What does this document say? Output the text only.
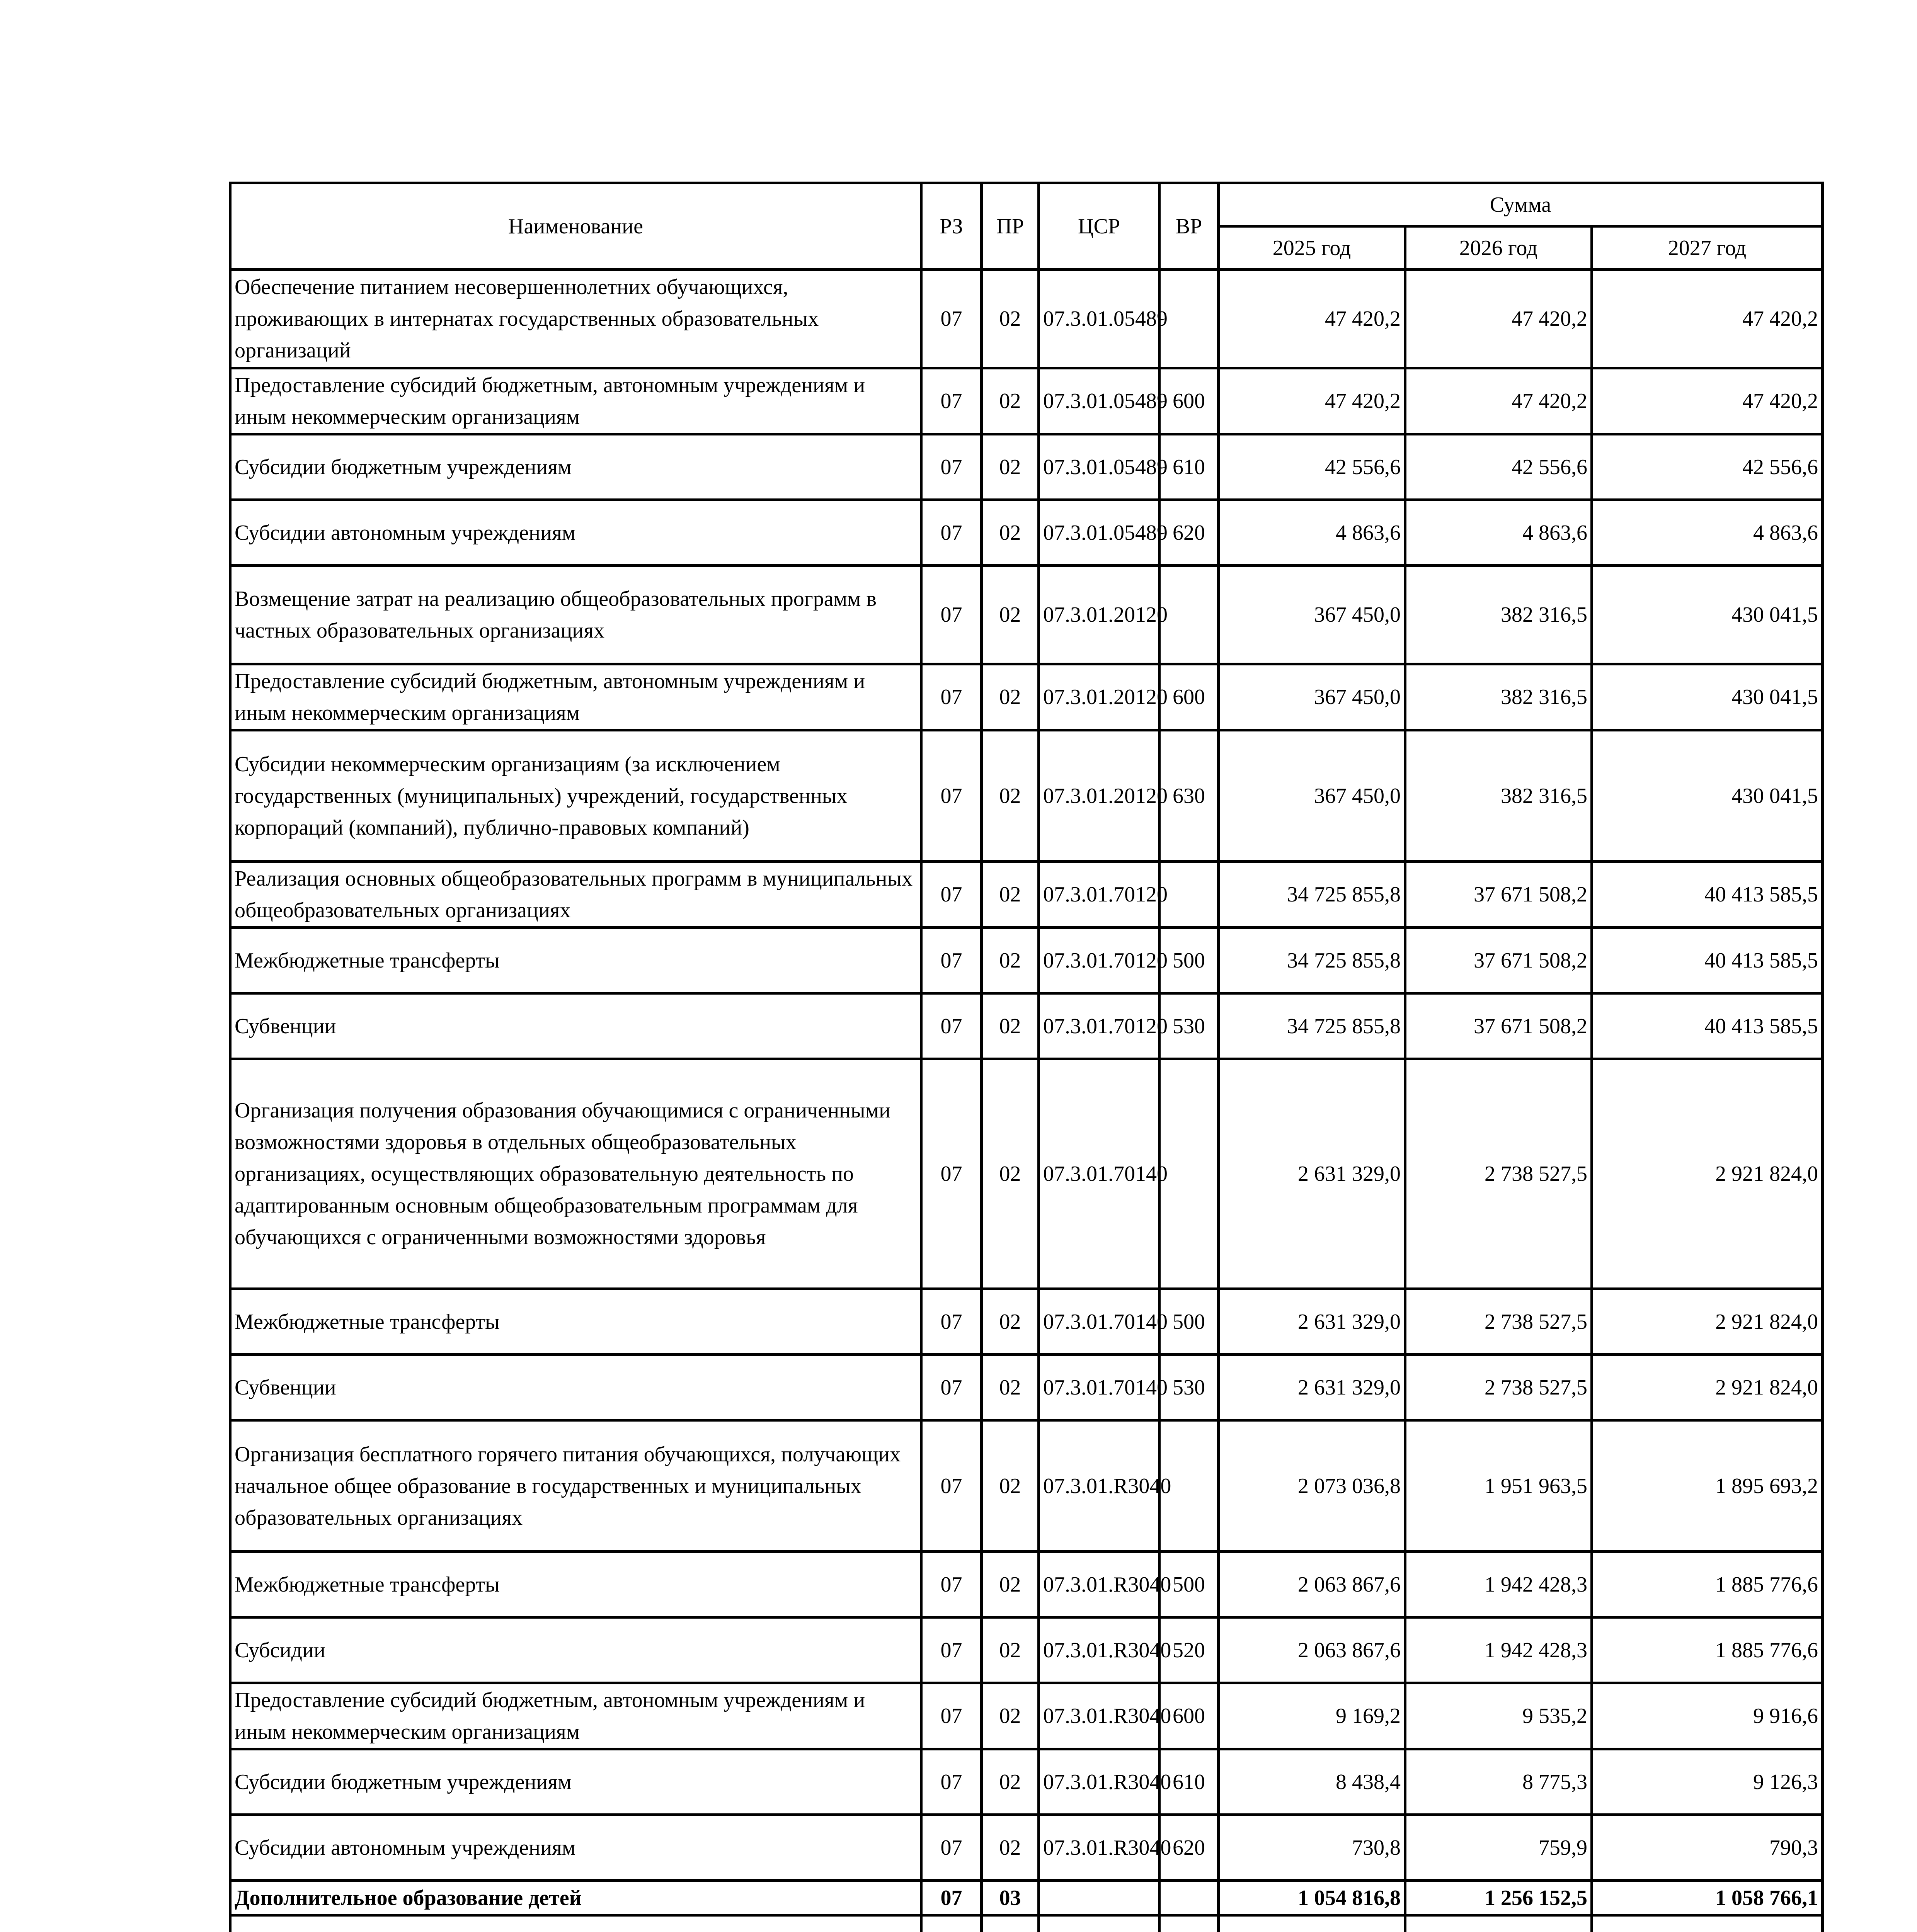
Наименование	РЗ	ПР	ЦСР	ВР	Сумма		
					2025 год	2026 год	2027 год
Обеспечение питанием несовершеннолетних обучающихся, проживающих в интернатах государственных образовательных организаций	07	02	07.3.01.05489		47 420,2	47 420,2	47 420,2
Предоставление субсидий бюджетным, автономным учреждениям и иным некоммерческим организациям	07	02	07.3.01.05489	600	47 420,2	47 420,2	47 420,2
Субсидии бюджетным учреждениям	07	02	07.3.01.05489	610	42 556,6	42 556,6	42 556,6
Субсидии автономным учреждениям	07	02	07.3.01.05489	620	4 863,6	4 863,6	4 863,6
Возмещение затрат на реализацию общеобразовательных программ в частных образовательных организациях	07	02	07.3.01.20120		367 450,0	382 316,5	430 041,5
Предоставление субсидий бюджетным, автономным учреждениям и иным некоммерческим организациям	07	02	07.3.01.20120	600	367 450,0	382 316,5	430 041,5
Субсидии некоммерческим организациям (за исключением государственных (муниципальных) учреждений, государственных корпораций (компаний), публично-правовых компаний)	07	02	07.3.01.20120	630	367 450,0	382 316,5	430 041,5
Реализация основных общеобразовательных программ в муниципальных общеобразовательных организациях	07	02	07.3.01.70120		34 725 855,8	37 671 508,2	40 413 585,5
Межбюджетные трансферты	07	02	07.3.01.70120	500	34 725 855,8	37 671 508,2	40 413 585,5
Субвенции	07	02	07.3.01.70120	530	34 725 855,8	37 671 508,2	40 413 585,5
Организация получения образования обучающимися с ограниченными возможностями здоровья в отдельных общеобразовательных организациях, осуществляющих образовательную деятельность по адаптированным основным общеобразовательным программам для обучающихся с ограниченными возможностями здоровья	07	02	07.3.01.70140		2 631 329,0	2 738 527,5	2 921 824,0
Межбюджетные трансферты	07	02	07.3.01.70140	500	2 631 329,0	2 738 527,5	2 921 824,0
Субвенции	07	02	07.3.01.70140	530	2 631 329,0	2 738 527,5	2 921 824,0
Организация бесплатного горячего питания обучающихся, получающих начальное общее образование в государственных и муниципальных образовательных организациях	07	02	07.3.01.R3040		2 073 036,8	1 951 963,5	1 895 693,2
Межбюджетные трансферты	07	02	07.3.01.R3040	500	2 063 867,6	1 942 428,3	1 885 776,6
Субсидии	07	02	07.3.01.R3040	520	2 063 867,6	1 942 428,3	1 885 776,6
Предоставление субсидий бюджетным, автономным учреждениям и иным некоммерческим организациям	07	02	07.3.01.R3040	600	9 169,2	9 535,2	9 916,6
Субсидии бюджетным учреждениям	07	02	07.3.01.R3040	610	8 438,4	8 775,3	9 126,3
Субсидии автономным учреждениям	07	02	07.3.01.R3040	620	730,8	759,9	790,3
Дополнительное образование детей	07	03			1 054 816,8	1 256 152,5	1 058 766,1
